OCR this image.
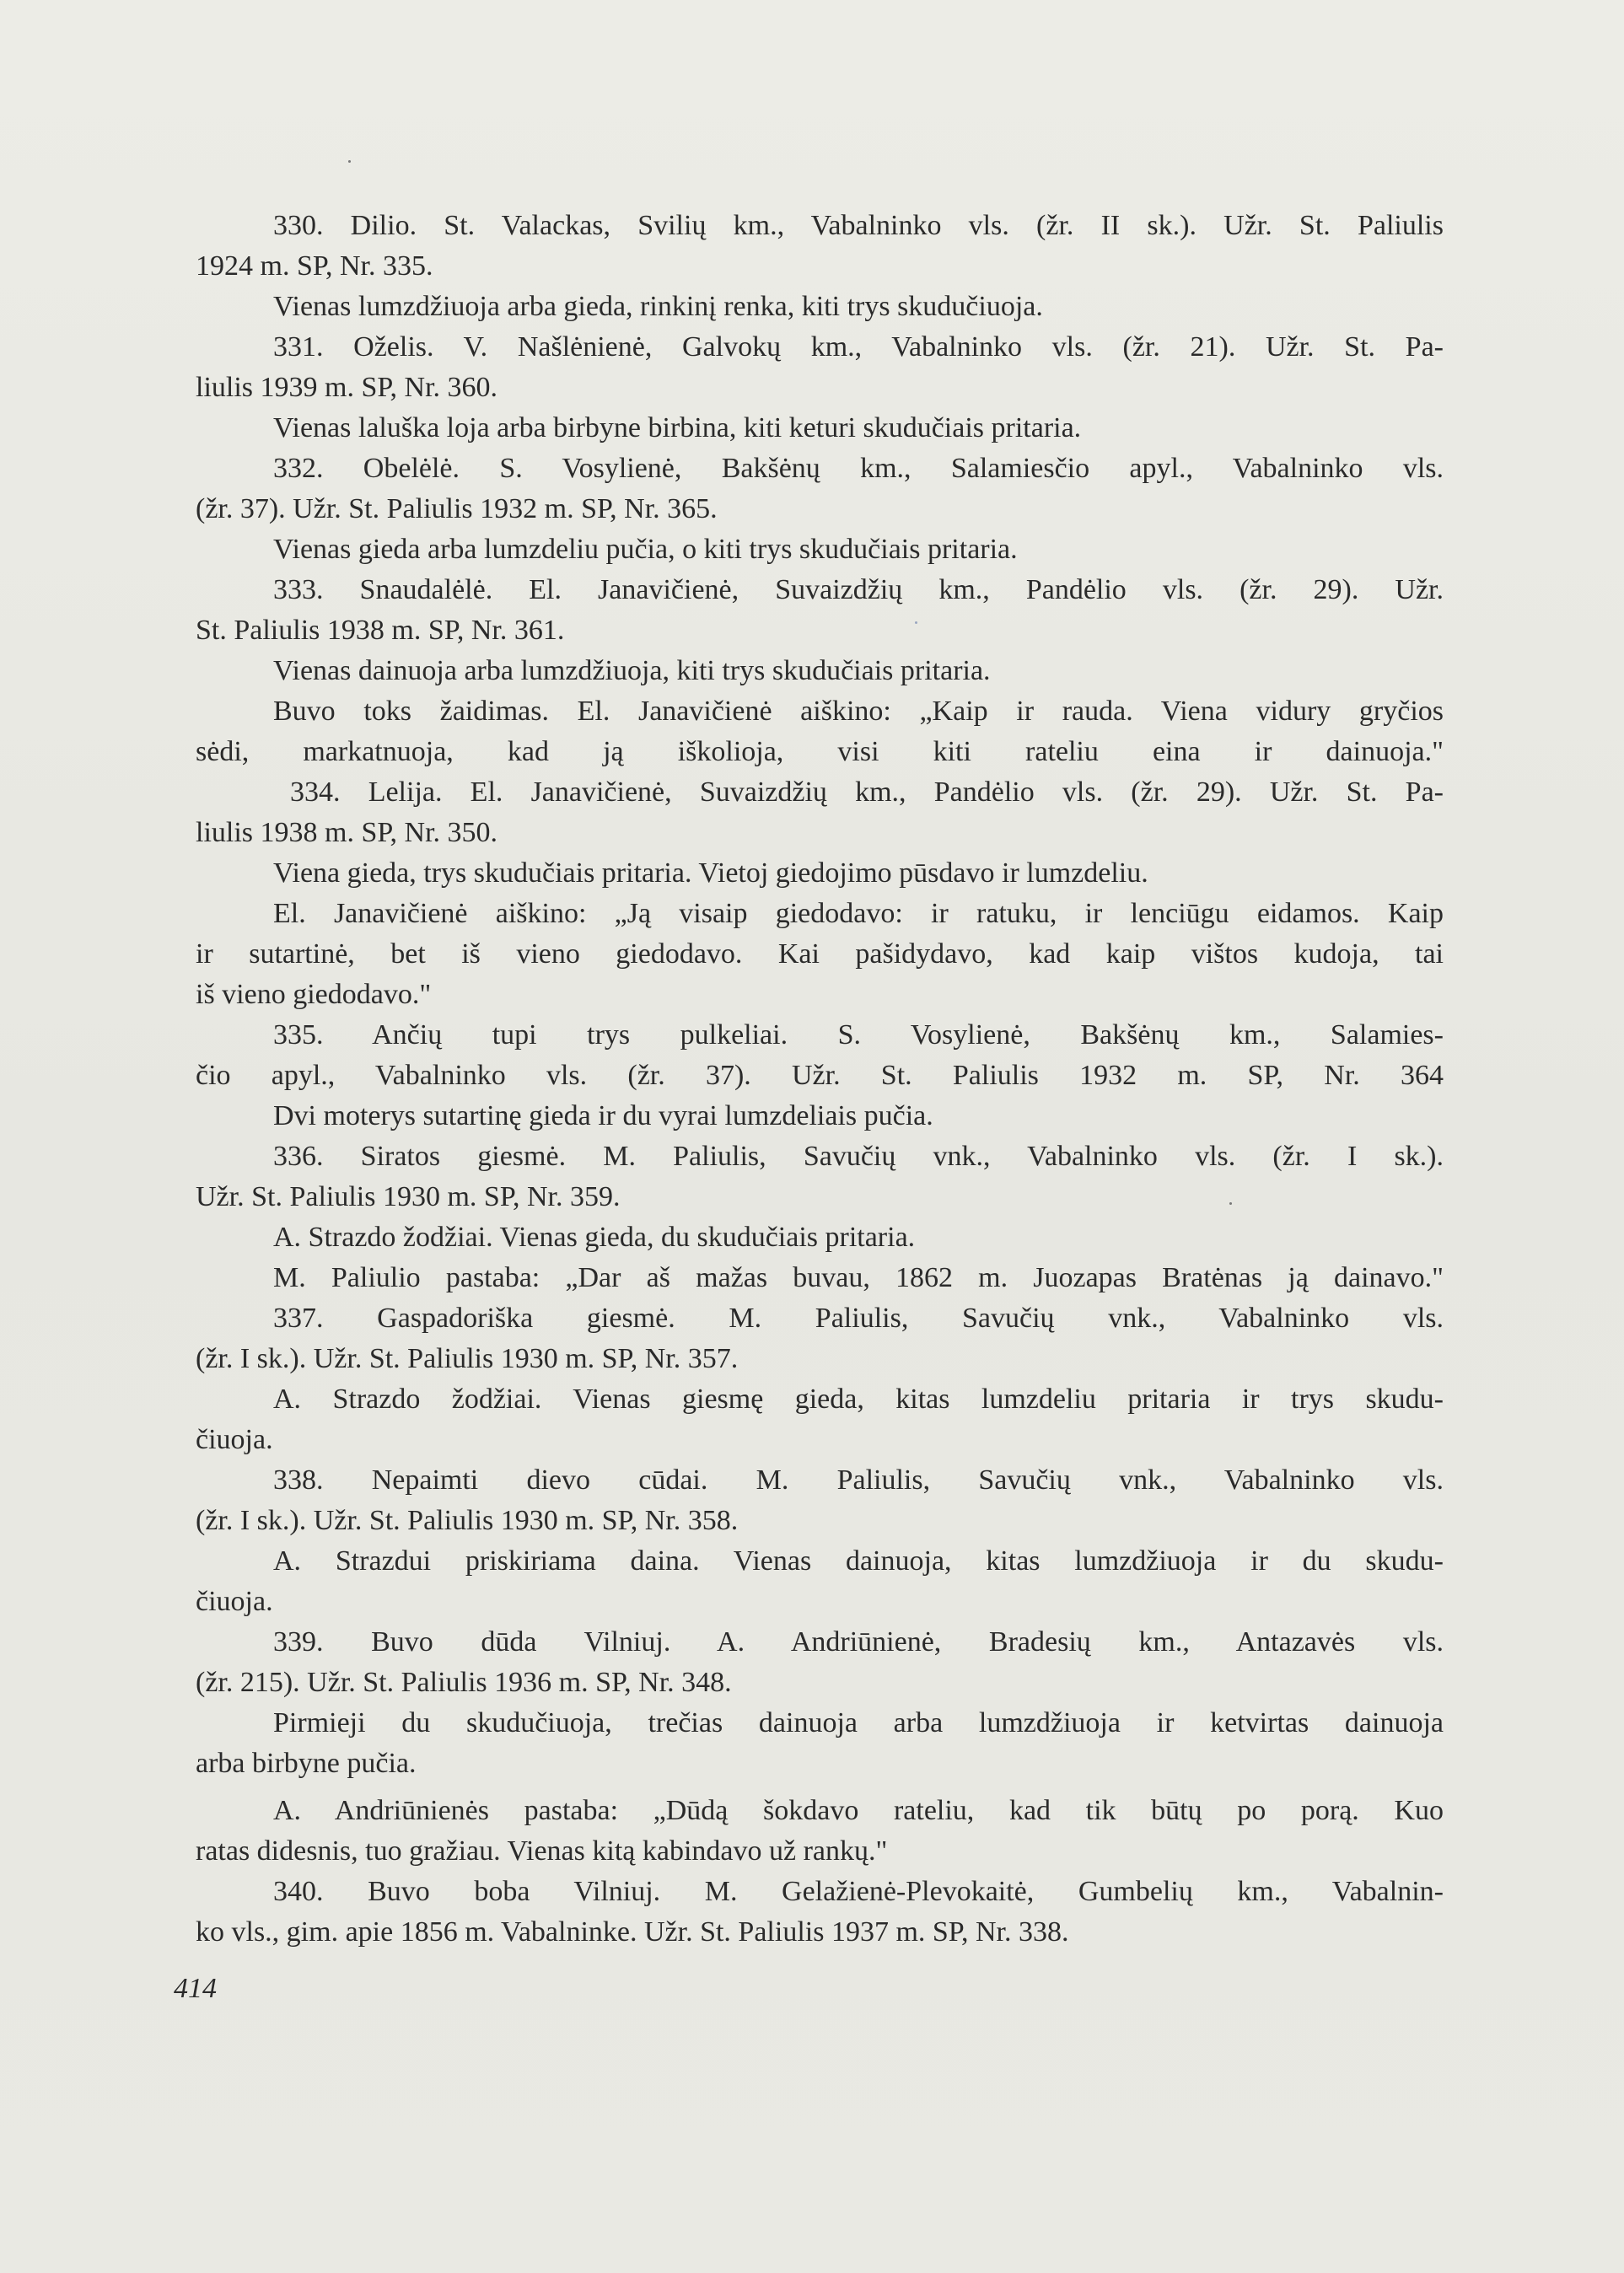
330. Dilio. St. Valackas, Svilių km., Vabalninko vls. (žr. II sk.). Užr. St. Paliulis
1924 m. SP, Nr. 335.
Vienas lumzdžiuoja arba gieda, rinkinį renka, kiti trys skudučiuoja.
331. Oželis. V. Našlėnienė, Galvokų km., Vabalninko vls. (žr. 21). Užr. St. Pa-
liulis 1939 m. SP, Nr. 360.
Vienas laluška loja arba birbyne birbina, kiti keturi skudučiais pritaria.
332. Obelėlė. S. Vosylienė, Bakšėnų km., Salamiesčio apyl., Vabalninko vls.
(žr. 37). Užr. St. Paliulis 1932 m. SP, Nr. 365.
Vienas gieda arba lumzdeliu pučia, o kiti trys skudučiais pritaria.
333. Snaudalėlė. El. Janavičienė, Suvaizdžių km., Pandėlio vls. (žr. 29). Užr.
St. Paliulis 1938 m. SP, Nr. 361.
Vienas dainuoja arba lumzdžiuoja, kiti trys skudučiais pritaria.
Buvo toks žaidimas. El. Janavičienė aiškino: „Kaip ir rauda. Viena vidury gryčios
sėdi, markatnuoja, kad ją iškolioja, visi kiti rateliu eina ir dainuoja."
334. Lelija. El. Janavičienė, Suvaizdžių km., Pandėlio vls. (žr. 29). Užr. St. Pa-
liulis 1938 m. SP, Nr. 350.
Viena gieda, trys skudučiais pritaria. Vietoj giedojimo pūsdavo ir lumzdeliu.
El. Janavičienė aiškino: „Ją visaip giedodavo: ir ratuku, ir lenciūgu eidamos. Kaip
ir sutartinė, bet iš vieno giedodavo. Kai pašidydavo, kad kaip vištos kudoja, tai
iš vieno giedodavo."
335. Ančių tupi trys pulkeliai. S. Vosylienė, Bakšėnų km., Salamies-
čio apyl., Vabalninko vls. (žr. 37). Užr. St. Paliulis 1932 m. SP, Nr. 364
Dvi moterys sutartinę gieda ir du vyrai lumzdeliais pučia.
336. Siratos giesmė. M. Paliulis, Savučių vnk., Vabalninko vls. (žr. I sk.).
Užr. St. Paliulis 1930 m. SP, Nr. 359.
A. Strazdo žodžiai. Vienas gieda, du skudučiais pritaria.
M. Paliulio pastaba: „Dar aš mažas buvau, 1862 m. Juozapas Bratėnas ją dainavo."
337. Gaspadoriška giesmė. M. Paliulis, Savučių vnk., Vabalninko vls.
(žr. I sk.). Užr. St. Paliulis 1930 m. SP, Nr. 357.
A. Strazdo žodžiai. Vienas giesmę gieda, kitas lumzdeliu pritaria ir trys skudu-
čiuoja.
338. Nepaimti dievo cūdai. M. Paliulis, Savučių vnk., Vabalninko vls.
(žr. I sk.). Užr. St. Paliulis 1930 m. SP, Nr. 358.
A. Strazdui priskiriama daina. Vienas dainuoja, kitas lumzdžiuoja ir du skudu-
čiuoja.
339. Buvo dūda Vilniuj. A. Andriūnienė, Bradesių km., Antazavės vls.
(žr. 215). Užr. St. Paliulis 1936 m. SP, Nr. 348.
Pirmieji du skudučiuoja, trečias dainuoja arba lumzdžiuoja ir ketvirtas dainuoja
arba birbyne pučia.
A. Andriūnienės pastaba: „Dūdą šokdavo rateliu, kad tik būtų po porą. Kuo
ratas didesnis, tuo gražiau. Vienas kitą kabindavo už rankų."
340. Buvo boba Vilniuj. M. Gelažienė-Plevokaitė, Gumbelių km., Vabalnin-
ko vls., gim. apie 1856 m. Vabalninke. Užr. St. Paliulis 1937 m. SP, Nr. 338.
414
